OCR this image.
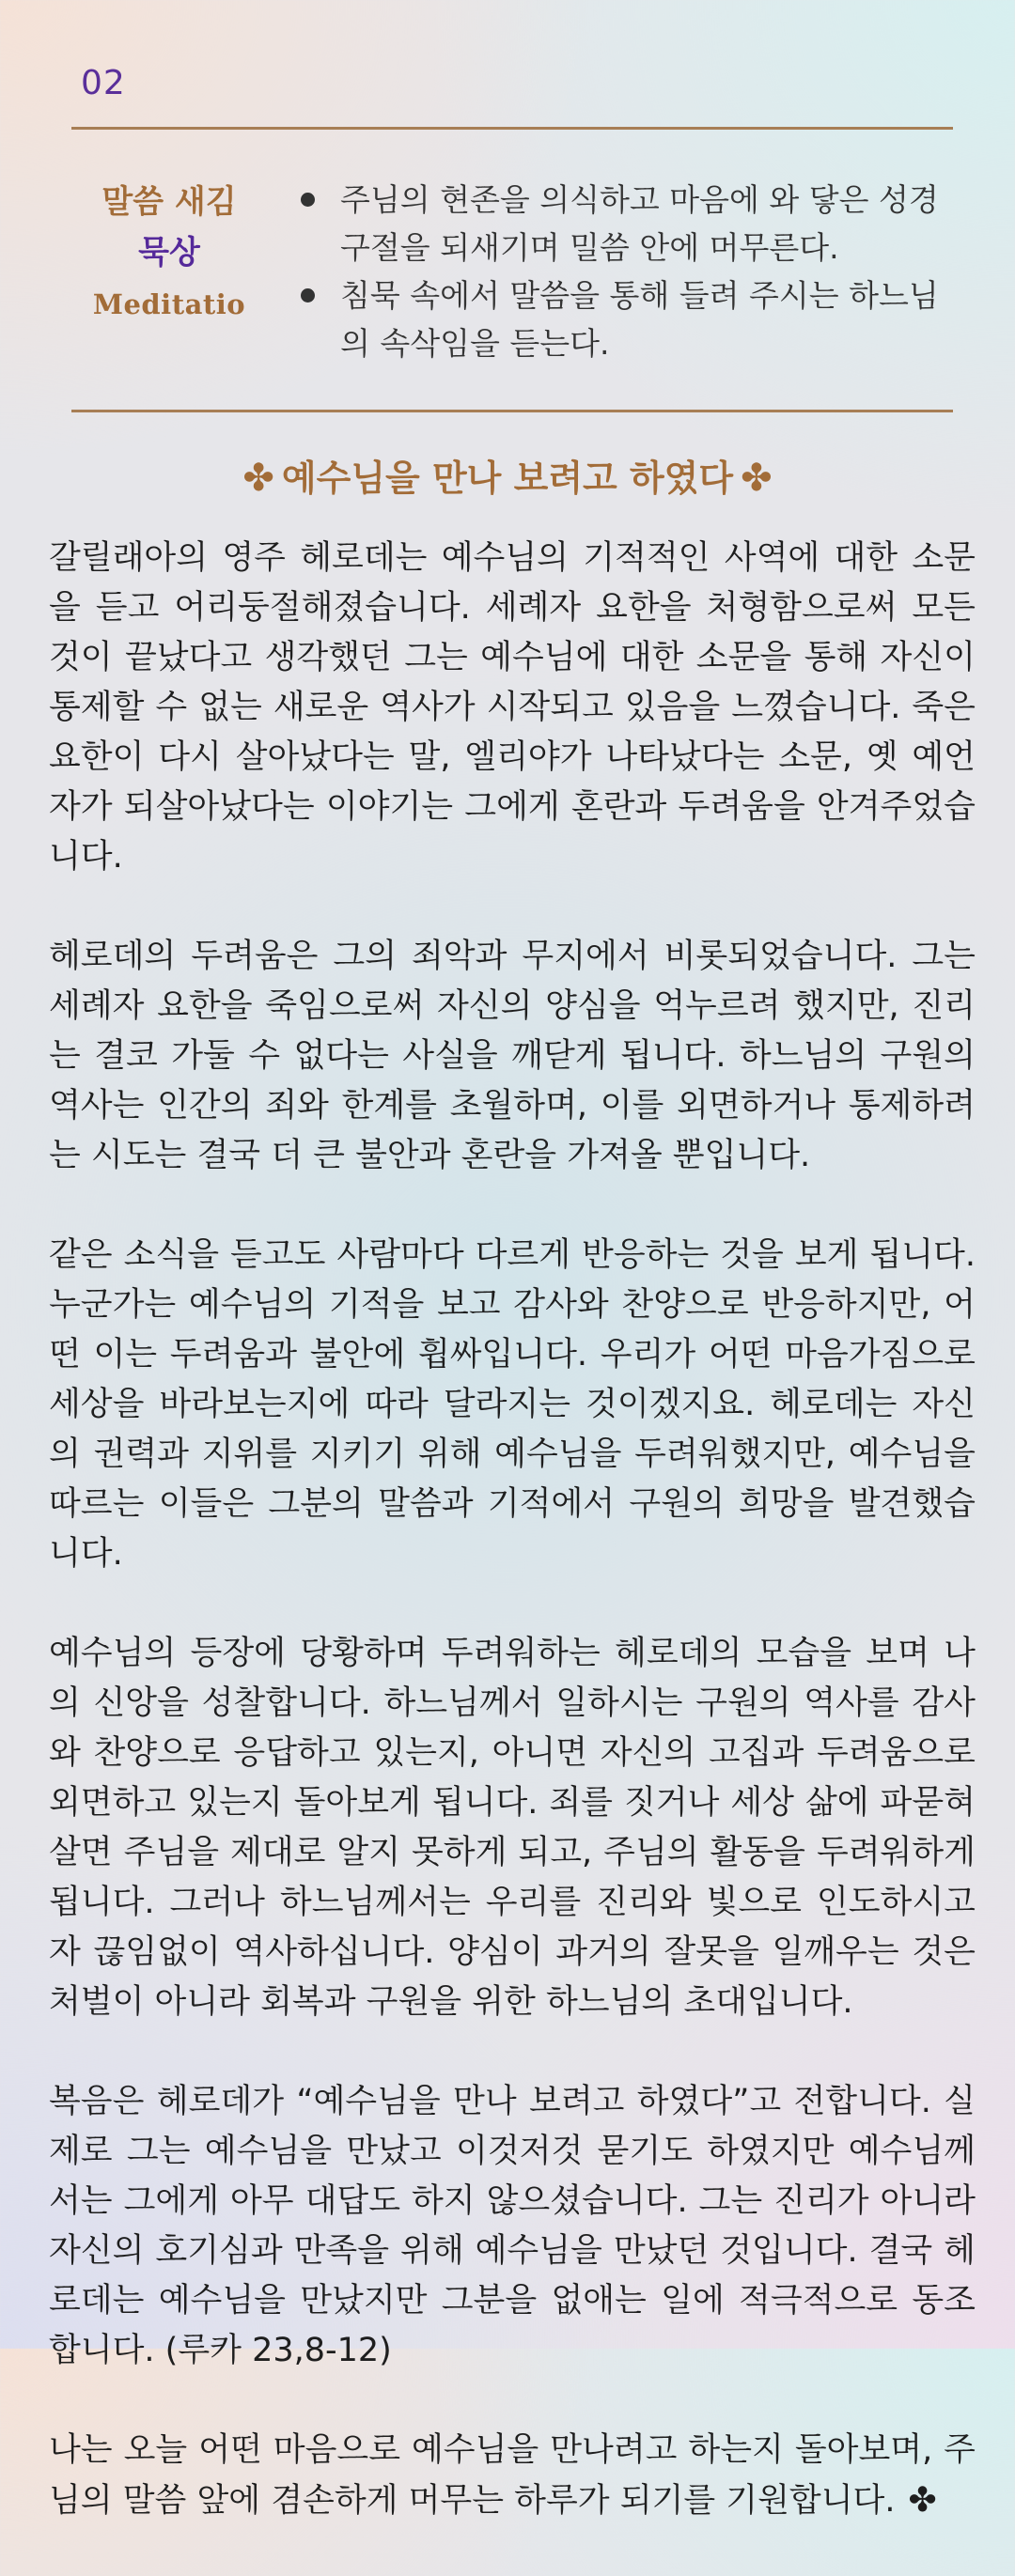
02
말씀 새김
묵상
Meditatio
주님의 현존을 의식하고 마음에 와 닿은 성경구절을 되새기며 밀씀 안에 머무른다.
침묵 속에서 말씀을 통해 들려 주시는 하느님의 속삭임을 듣는다.
✤ 예수님을 만나 보려고 하였다 ✤

갈릴래아의 영주 헤로데는 예수님의 기적적인 사역에 대한 소문을 듣고 어리둥절해졌습니다. 세례자 요한을 처형함으로써 모든 것이 끝났다고 생각했던 그는 예수님에 대한 소문을 통해 자신이 통제할 수 없는 새로운 역사가 시작되고 있음을 느꼈습니다. 죽은 요한이 다시 살아났다는 말, 엘리야가 나타났다는 소문, 옛 예언자가 되살아났다는 이야기는 그에게 혼란과 두려움을 안겨주었습니다.

헤로데의 두려움은 그의 죄악과 무지에서 비롯되었습니다. 그는 세례자 요한을 죽임으로써 자신의 양심을 억누르려 했지만, 진리는 결코 가둘 수 없다는 사실을 깨닫게 됩니다. 하느님의 구원의 역사는 인간의 죄와 한계를 초월하며, 이를 외면하거나 통제하려는 시도는 결국 더 큰 불안과 혼란을 가져올 뿐입니다.

같은 소식을 듣고도 사람마다 다르게 반응하는 것을 보게 됩니다. 누군가는 예수님의 기적을 보고 감사와 찬양으로 반응하지만, 어떤 이는 두려움과 불안에 휩싸입니다. 우리가 어떤 마음가짐으로 세상을 바라보는지에 따라 달라지는 것이겠지요. 헤로데는 자신의 권력과 지위를 지키기 위해 예수님을 두려워했지만, 예수님을 따르는 이들은 그분의 말씀과 기적에서 구원의 희망을 발견했습니다.

예수님의 등장에 당황하며 두려워하는 헤로데의 모습을 보며 나의 신앙을 성찰합니다. 하느님께서 일하시는 구원의 역사를 감사와 찬양으로 응답하고 있는지, 아니면 자신의 고집과 두려움으로 외면하고 있는지 돌아보게 됩니다. 죄를 짓거나 세상 삶에 파묻혀 살면 주님을 제대로 알지 못하게 되고, 주님의 활동을 두려워하게 됩니다. 그러나 하느님께서는 우리를 진리와 빛으로 인도하시고자 끊임없이 역사하십니다. 양심이 과거의 잘못을 일깨우는 것은 처벌이 아니라 회복과 구원을 위한 하느님의 초대입니다.

복음은 헤로데가 “예수님을 만나 보려고 하였다”고 전합니다. 실제로 그는 예수님을 만났고 이것저것 묻기도 하였지만 예수님께서는 그에게 아무 대답도 하지 않으셨습니다. 그는 진리가 아니라 자신의 호기심과 만족을 위해 예수님을 만났던 것입니다. 결국 헤로데는 예수님을 만났지만 그분을 없애는 일에 적극적으로 동조합니다. (루카 23,8-12)

나는 오늘 어떤 마음으로 예수님을 만나려고 하는지 돌아보며, 주님의 말씀 앞에 겸손하게 머무는 하루가 되기를 기원합니다. ✤
